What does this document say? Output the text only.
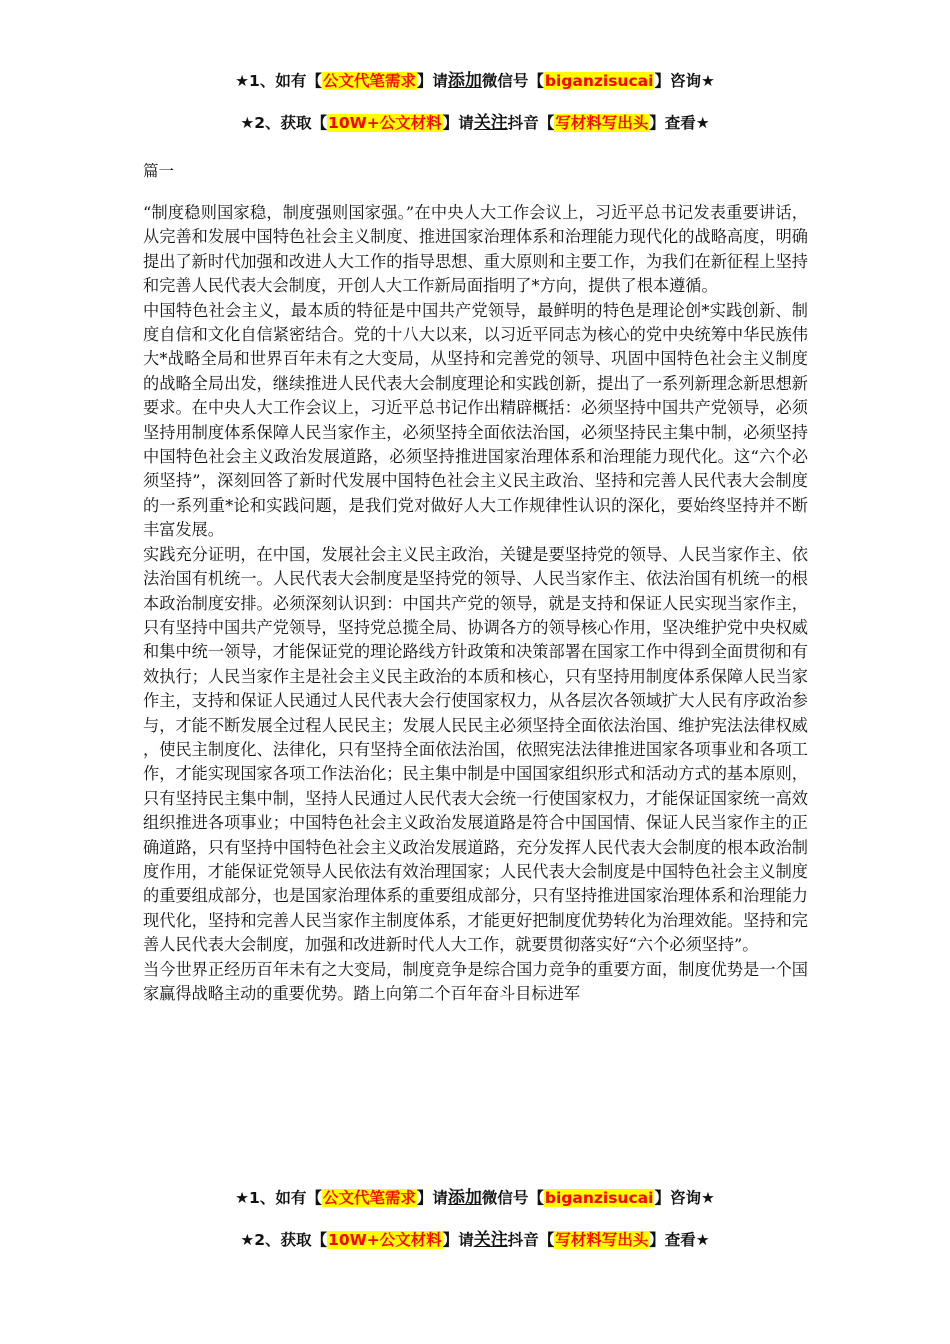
★1、如有【公文代笔需求】请添加微信号【biganzisucai】咨询★
★2、获取【10W+公文材料】请关注抖音【写材料写出头】查看★
篇一

“制度稳则国家稳，制度强则国家强。”在中央人大工作会议上，习近平总书记发表重要讲话，从完善和发展中国特色社会主义制度、推进国家治理体系和治理能力现代化的战略高度，明确提出了新时代加强和改进人大工作的指导思想、重大原则和主要工作，为我们在新征程上坚持和完善人民代表大会制度，开创人大工作新局面指明了*方向，提供了根本遵循。

中国特色社会主义，最本质的特征是中国共产党领导，最鲜明的特色是理论创*实践创新、制度自信和文化自信紧密结合。党的十八大以来，以习近平同志为核心的党中央统筹中华民族伟大*战略全局和世界百年未有之大变局，从坚持和完善党的领导、巩固中国特色社会主义制度的战略全局出发，继续推进人民代表大会制度理论和实践创新，提出了一系列新理念新思想新要求。在中央人大工作会议上，习近平总书记作出精辟概括：必须坚持中国共产党领导，必须坚持用制度体系保障人民当家作主，必须坚持全面依法治国，必须坚持民主集中制，必须坚持中国特色社会主义政治发展道路，必须坚持推进国家治理体系和治理能力现代化。这“六个必须坚持”，深刻回答了新时代发展中国特色社会主义民主政治、坚持和完善人民代表大会制度的一系列重*论和实践问题，是我们党对做好人大工作规律性认识的深化，要始终坚持并不断丰富发展。

实践充分证明，在中国，发展社会主义民主政治，关键是要坚持党的领导、人民当家作主、依法治国有机统一。人民代表大会制度是坚持党的领导、人民当家作主、依法治国有机统一的根本政治制度安排。必须深刻认识到：中国共产党的领导，就是支持和保证人民实现当家作主，只有坚持中国共产党领导，坚持党总揽全局、协调各方的领导核心作用，坚决维护党中央权威和集中统一领导，才能保证党的理论路线方针政策和决策部署在国家工作中得到全面贯彻和有效执行；人民当家作主是社会主义民主政治的本质和核心，只有坚持用制度体系保障人民当家作主，支持和保证人民通过人民代表大会行使国家权力，从各层次各领域扩大人民有序政治参与，才能不断发展全过程人民民主；发展人民民主必须坚持全面依法治国、维护宪法法律权威，使民主制度化、法律化，只有坚持全面依法治国，依照宪法法律推进国家各项事业和各项工作，才能实现国家各项工作法治化；民主集中制是中国国家组织形式和活动方式的基本原则，只有坚持民主集中制，坚持人民通过人民代表大会统一行使国家权力，才能保证国家统一高效组织推进各项事业；中国特色社会主义政治发展道路是符合中国国情、保证人民当家作主的正确道路，只有坚持中国特色社会主义政治发展道路，充分发挥人民代表大会制度的根本政治制度作用，才能保证党领导人民依法有效治理国家；人民代表大会制度是中国特色社会主义制度的重要组成部分，也是国家治理体系的重要组成部分，只有坚持推进国家治理体系和治理能力现代化，坚持和完善人民当家作主制度体系，才能更好把制度优势转化为治理效能。坚持和完善人民代表大会制度，加强和改进新时代人大工作，就要贯彻落实好“六个必须坚持”。

当今世界正经历百年未有之大变局，制度竞争是综合国力竞争的重要方面，制度优势是一个国家赢得战略主动的重要优势。踏上向第二个百年奋斗目标进军

★1、如有【公文代笔需求】请添加微信号【biganzisucai】咨询★
★2、获取【10W+公文材料】请关注抖音【写材料写出头】查看★
